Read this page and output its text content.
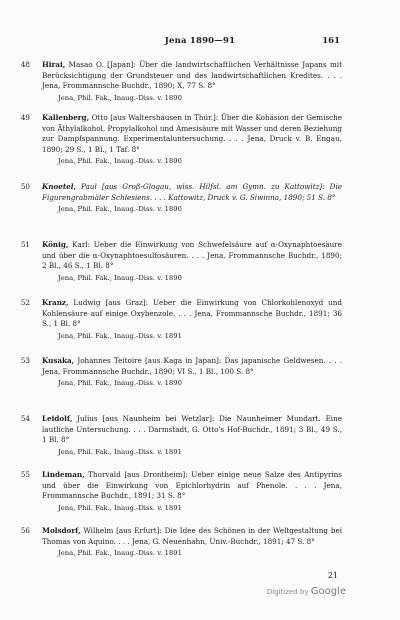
Jena 1890—91	161
48 Hirai, Masao O. [Japan]: Über die landwirtschaftlichen Verhältnisse Japans mit Berücksichtigung der Grundsteuer und des landwirtschaftlichen Kredites. . . . Jena, Frommannsche Buchdr., 1890; X, 77 S. 8°
Jena, Phil. Fak., Inaug.-Diss. v. 1890
49 Kallenberg, Otto [aus Waltershausen in Thür.]: Über die Kohäsion der Gemische von Äthylalkohol, Propylalkohol und Amesisäure mit Wasser und deren Beziehung zur Dampfspannung. Experimentaluntersuchung. . . . Jena, Druck v. B. Engau, 1890; 29 S., 1 Bl., 1 Taf. 8°
Jena, Phil. Fak., Inaug.-Diss. v. 1890
50 Knoetel, Paul [aus Groß-Glogau, wiss. Hilfsl. am Gymn. zu Kattowitz]: Die Figurengrabmäler Schlesiens. . . . Kattowitz, Druck v. G. Siwinna, 1890; 51 S. 8°
Jena, Phil. Fak., Inaug.-Diss. v. 1890
51 König, Karl: Ueber die Einwirkung von Schwefelsäure auf α-Oxynaphtoesäure und über die α-Oxynaphtoesulfosäuren. . . . Jena, Frommannsche Buchdr., 1890; 2 Bl., 46 S., 1 Bl. 8°
Jena, Phil. Fak., Inaug.-Diss. v. 1890
52 Kranz, Ludwig [aus Graz]: Ueber die Einwirkung von Chlorkohlenoxyd und Kohlensäure auf einige Oxybenzole. . . . Jena, Frommannsche Buchdr., 1891; 36 S., 1 Bl. 8°
Jena, Phil. Fak., Inaug.-Diss. v. 1891
53 Kusaka, Johannes Teitoire [aus Kaga in Japan]: Das japanische Geldwesen. . . . Jena, Frommannsche Buchdr., 1890; VI S., 1 Bl., 100 S. 8°
Jena, Phil. Fak., Inaug.-Diss. v. 1890
54 Leidolf, Julius [aus Naunheim bei Wetzlar]: Die Naunheimer Mundart. Eine lautliche Untersuchung. . . . Darmstadt, G. Otto's Hof-Buchdr., 1891; 3 Bl., 49 S., 1 Bl. 8°
Jena, Phil. Fak., Inaug.-Diss. v. 1891
55 Lindeman, Thorvald [aus Drontheim]: Ueber einige neue Salze des Antipyrins und über die Einwirkung von Epichlorhydrin auf Phenole. . . . Jena, Frommannsche Buchdr., 1891; 31 S. 8°
Jena, Phil. Fak., Inaug.-Diss. v. 1891
56 Molsdorf, Wilhelm [aus Erfurt]: Die Idee des Schönen in der Weltgestaltung bei Thomas von Aquino. . . . Jena, G. Neuenhahn, Univ.-Buchdr., 1891; 47 S. 8°
Jena, Phil. Fak., Inaug.-Diss. v. 1891
21
Digitized by Google
